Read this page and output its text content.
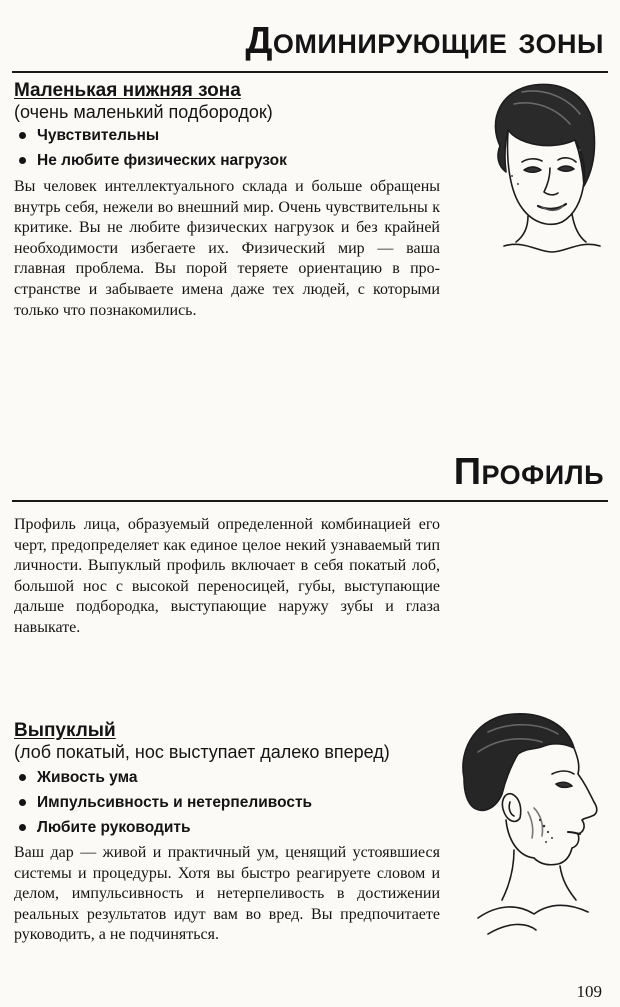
Доминирующие зоны
Маленькая нижняя зона
(очень маленький подбородок)
Чувствительны
Не любите физических нагрузок
Вы человек интеллектуального склада и больше обращены внутрь себя, нежели во внешний мир. Очень чувствительны к критике. Вы не любите физических нагрузок и без крайней необходимости избегаете их. Физический мир — ваша главная проблема. Вы порой теряете ориентацию в пространстве и забываете имена даже тех людей, с которыми только что познакомились.
Профиль
Профиль лица, образуемый определенной комбинацией его черт, предопределяет как единое целое некий узнаваемый тип личности. Выпуклый профиль включает в себя покатый лоб, большой нос с высокой переносицей, губы, выступающие дальше подбородка, выступающие наружу зубы и глаза навыкате.
Выпуклый
(лоб покатый, нос выступает далеко вперед)
Живость ума
Импульсивность и нетерпеливость
Любите руководить
Ваш дар — живой и практичный ум, ценящий устоявшиеся системы и процедуры. Хотя вы быстро реагируете словом и делом, импульсивность и нетерпеливость в достижении реальных результатов идут вам во вред. Вы предпочитаете руководить, а не подчиняться.
109
